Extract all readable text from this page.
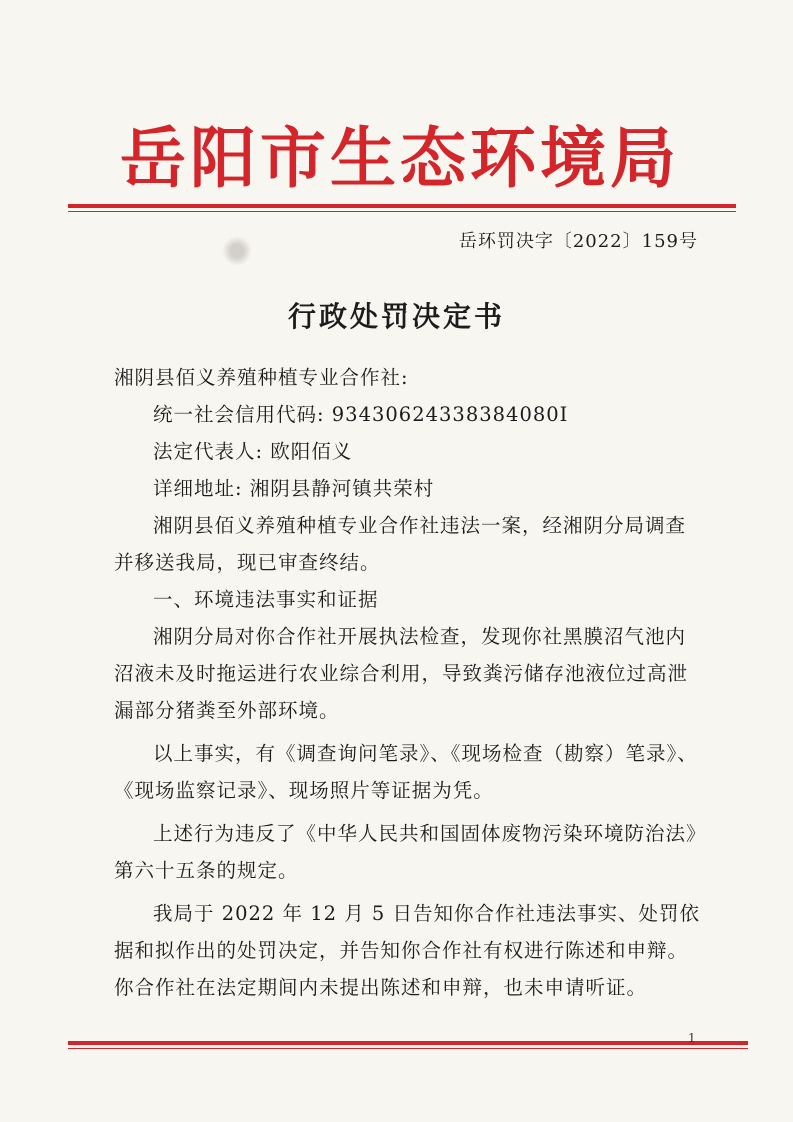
岳阳市生态环境局
岳环罚决字〔2022〕159号
行政处罚决定书

湘阴县佰义养殖种植专业合作社:

统一社会信用代码: 93430624338384080I

法定代表人: 欧阳佰义

详细地址: 湘阴县静河镇共荣村

湘阴县佰义养殖种植专业合作社违法一案，经湘阴分局调查并移送我局，现已审查终结。

一、环境违法事实和证据

湘阴分局对你合作社开展执法检查，发现你社黑膜沼气池内沼液未及时拖运进行农业综合利用，导致粪污储存池液位过高泄漏部分猪粪至外部环境。

以上事实，有《调查询问笔录》、《现场检查（勘察）笔录》、《现场监察记录》、现场照片等证据为凭。

上述行为违反了《中华人民共和国固体废物污染环境防治法》第六十五条的规定。

我局于 2022 年 12 月 5 日告知你合作社违法事实、处罚依据和拟作出的处罚决定，并告知你合作社有权进行陈述和申辩。你合作社在法定期间内未提出陈述和申辩，也未申请听证。

1
